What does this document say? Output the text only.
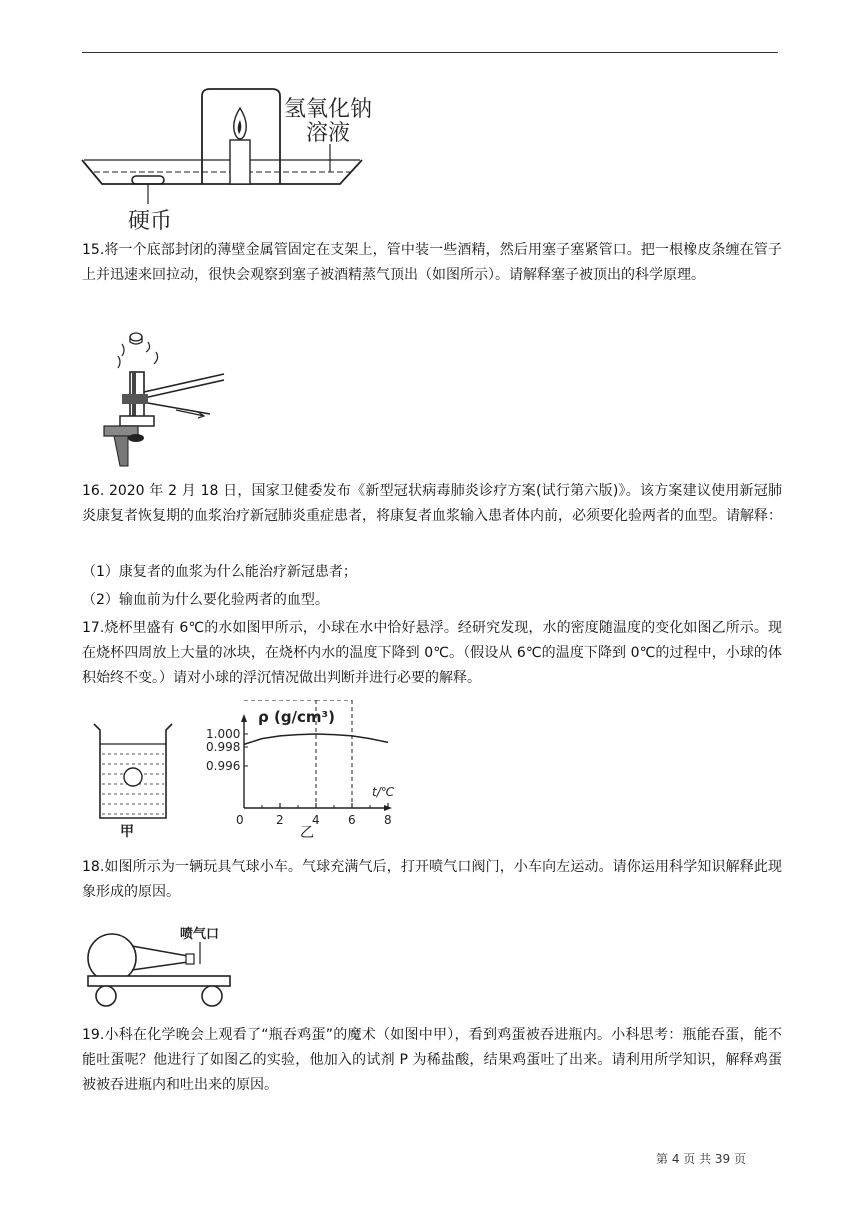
氢氧化钠
溶液
硬币

15.将一个底部封闭的薄壁金属管固定在支架上，管中装一些酒精，然后用塞子塞紧管口。把一根橡皮条缠在管子上并迅速来回拉动，很快会观察到塞子被酒精蒸气顶出（如图所示）。请解释塞子被顶出的科学原理。

16. 2020 年 2 月 18 日，国家卫健委发布《新型冠状病毒肺炎诊疗方案(试行第六版)》。该方案建议使用新冠肺炎康复者恢复期的血浆治疗新冠肺炎重症患者，将康复者血浆输入患者体内前，必须要化验两者的血型。请解释：

（1）康复者的血浆为什么能治疗新冠患者；

（2）输血前为什么要化验两者的血型。

17.烧杯里盛有 6℃的水如图甲所示，小球在水中恰好悬浮。经研究发现，水的密度随温度的变化如图乙所示。现在烧杯四周放上大量的冰块，在烧杯内水的温度下降到 0℃。（假设从 6℃的温度下降到 0℃的过程中，小球的体积始终不变。）请对小球的浮沉情况做出判断并进行必要的解释。

甲
ρ (g/cm³)
t/℃
0	2 4 6 8
1.000
0.998
0.996

18.如图所示为一辆玩具气球小车。气球充满气后，打开喷气口阀门，小车向左运动。请你运用科学知识解释此现象形成的原因。

喷气口

19.小科在化学晚会上观看了“瓶吞鸡蛋”的魔术（如图中甲），看到鸡蛋被吞进瓶内。小科思考：瓶能吞蛋，能不能吐蛋呢？他进行了如图乙的实验，他加入的试剂 P 为稀盐酸，结果鸡蛋吐了出来。请利用所学知识，解释鸡蛋被被吞进瓶内和吐出来的原因。

第 4 页 共 39 页
乙
